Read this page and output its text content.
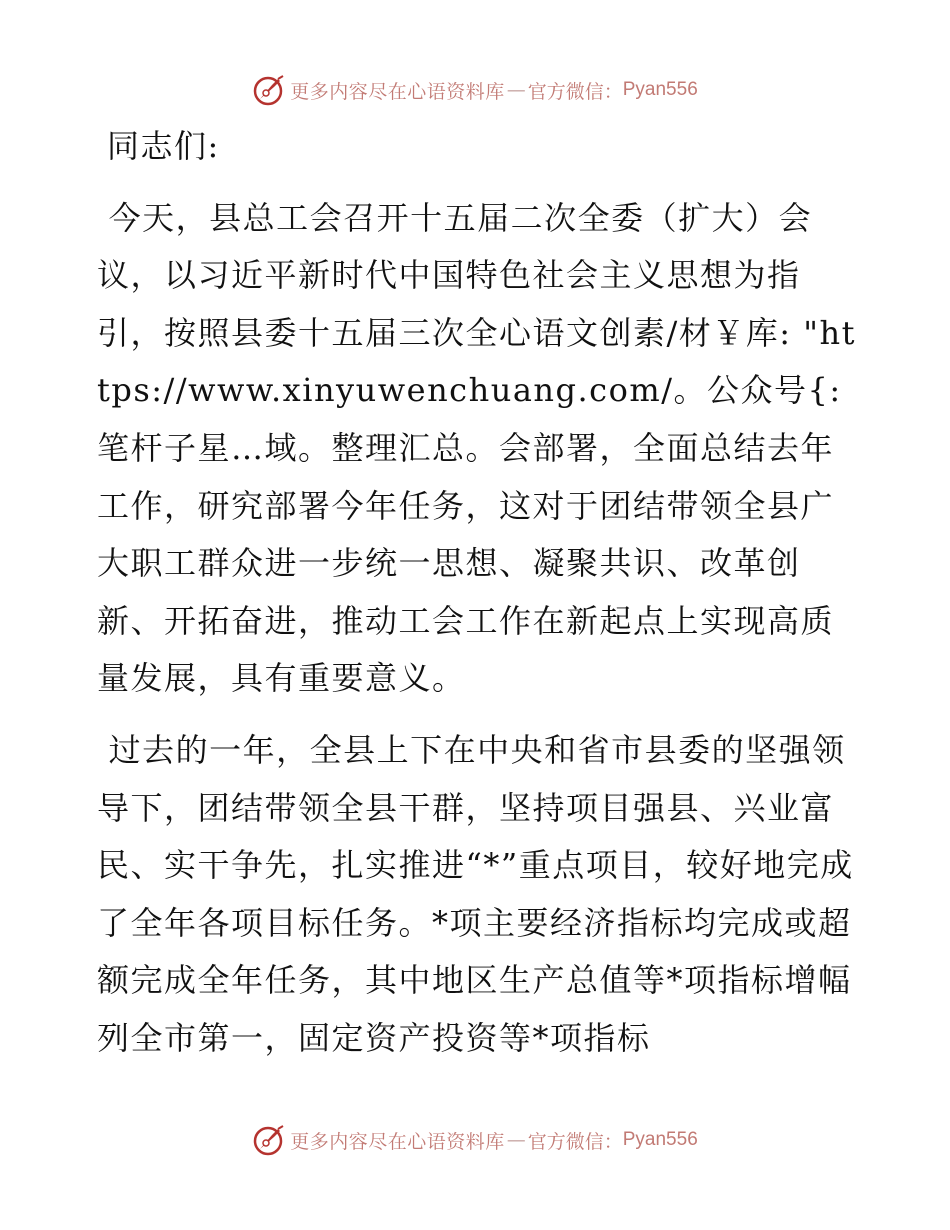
更多内容尽在心语资料库 — 官方微信： Pyan556

同志们:

今天，县总工会召开十五届二次全委（扩大）会议，以习近平新时代中国特色社会主义思想为指引，按照县委十五届三次全心语文创素/材￥库: "https://www.xinyuwenchuang.com/。公众号{: 笔杆子星…域。整理汇总。会部署，全面总结去年工作，研究部署今年任务，这对于团结带领全县广大职工群众进一步统一思想、凝聚共识、改革创新、开拓奋进，推动工会工作在新起点上实现高质量发展，具有重要意义。

过去的一年，全县上下在中央和省市县委的坚强领导下，团结带领全县干群，坚持项目强县、兴业富民、实干争先，扎实推进“*”重点项目，较好地完成了全年各项目标任务。*项主要经济指标均完成或超额完成全年任务，其中地区生产总值等*项指标增幅列全市第一，固定资产投资等*项指标

更多内容尽在心语资料库 — 官方微信： Pyan556
